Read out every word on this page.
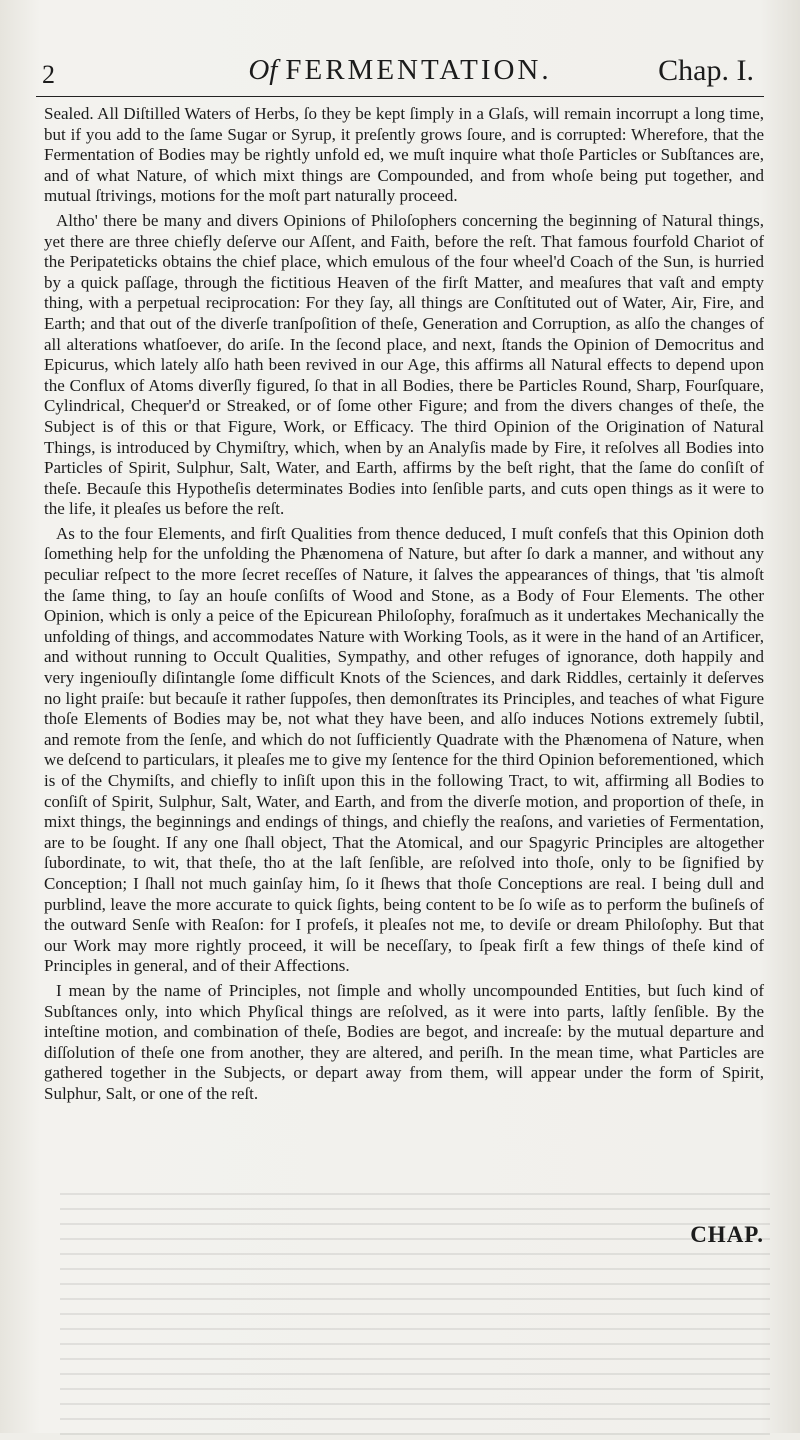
2	Of FERMENTATION.	Chap. I.

Sealed. All Diſtilled Waters of Herbs, ſo they be kept ſimply in a Glaſs, will remain incorrupt a long time, but if you add to the ſame Sugar or Syrup, it preſently grows ſoure, and is corrupted: Wherefore, that the Fermentation of Bodies may be rightly unfold ed, we muſt inquire what thoſe Particles or Subſtances are, and of what Nature, of which mixt things are Compounded, and from whoſe being put together, and mutual ſtrivings, motions for the moſt part naturally proceed.

Altho' there be many and divers Opinions of Philoſophers concerning the beginning of Natural things, yet there are three chiefly deſerve our Aſſent, and Faith, before the reſt. That famous fourfold Chariot of the Peripateticks obtains the chief place, which emulous of the four wheel'd Coach of the Sun, is hurried by a quick paſſage, through the fictitious Heaven of the firſt Matter, and meaſures that vaſt and empty thing, with a perpetual reciprocation: For they ſay, all things are Conſtituted out of Water, Air, Fire, and Earth; and that out of the diverſe tranſpoſition of theſe, Generation and Corruption, as alſo the changes of all alterations whatſoever, do ariſe. In the ſecond place, and next, ſtands the Opinion of Democritus and Epicurus, which lately alſo hath been revived in our Age, this affirms all Natural effects to depend upon the Conflux of Atoms diverſly figured, ſo that in all Bodies, there be Particles Round, Sharp, Fourſquare, Cylindrical, Chequer'd or Streaked, or of ſome other Figure; and from the divers changes of theſe, the Subject is of this or that Figure, Work, or Efficacy. The third Opinion of the Origination of Natural Things, is introduced by Chymiſtry, which, when by an Analyſis made by Fire, it reſolves all Bodies into Particles of Spirit, Sulphur, Salt, Water, and Earth, affirms by the beſt right, that the ſame do conſiſt of theſe. Becauſe this Hypotheſis determinates Bodies into ſenſible parts, and cuts open things as it were to the life, it pleaſes us before the reſt.

As to the four Elements, and firſt Qualities from thence deduced, I muſt confeſs that this Opinion doth ſomething help for the unfolding the Phænomena of Nature, but after ſo dark a manner, and without any peculiar reſpect to the more ſecret receſſes of Nature, it ſalves the appearances of things, that 'tis almoſt the ſame thing, to ſay an houſe conſiſts of Wood and Stone, as a Body of Four Elements. The other Opinion, which is only a peice of the Epicurean Philoſophy, foraſmuch as it undertakes Mechanically the unfolding of things, and accommodates Nature with Working Tools, as it were in the hand of an Artificer, and without running to Occult Qualities, Sympathy, and other refuges of ignorance, doth happily and very ingeniouſly diſintangle ſome difficult Knots of the Sciences, and dark Riddles, certainly it deſerves no light praiſe: but becauſe it rather ſuppoſes, then demonſtrates its Principles, and teaches of what Figure thoſe Elements of Bodies may be, not what they have been, and alſo induces Notions extremely ſubtil, and remote from the ſenſe, and which do not ſufficiently Quadrate with the Phænomena of Nature, when we deſcend to particulars, it pleaſes me to give my ſentence for the third Opinion beforementioned, which is of the Chymiſts, and chiefly to inſiſt upon this in the following Tract, to wit, affirming all Bodies to conſiſt of Spirit, Sulphur, Salt, Water, and Earth, and from the diverſe motion, and proportion of theſe, in mixt things, the beginnings and endings of things, and chiefly the reaſons, and varieties of Fermentation, are to be ſought. If any one ſhall object, That the Atomical, and our Spagyric Principles are altogether ſubordinate, to wit, that theſe, tho at the laſt ſenſible, are reſolved into thoſe, only to be ſignified by Conception; I ſhall not much gainſay him, ſo it ſhews that thoſe Conceptions are real. I being dull and purblind, leave the more accurate to quick ſights, being content to be ſo wiſe as to perform the buſineſs of the outward Senſe with Reaſon: for I profeſs, it pleaſes not me, to deviſe or dream Philoſophy. But that our Work may more rightly proceed, it will be neceſſary, to ſpeak firſt a few things of theſe kind of Principles in general, and of their Affections.

I mean by the name of Principles, not ſimple and wholly uncompounded Entities, but ſuch kind of Subſtances only, into which Phyſical things are reſolved, as it were into parts, laſtly ſenſible. By the inteſtine motion, and combination of theſe, Bodies are begot, and increaſe: by the mutual departure and diſſolution of theſe one from another, they are altered, and periſh. In the mean time, what Particles are gathered together in the Subjects, or depart away from them, will appear under the form of Spirit, Sulphur, Salt, or one of the reſt.

CHAP.
